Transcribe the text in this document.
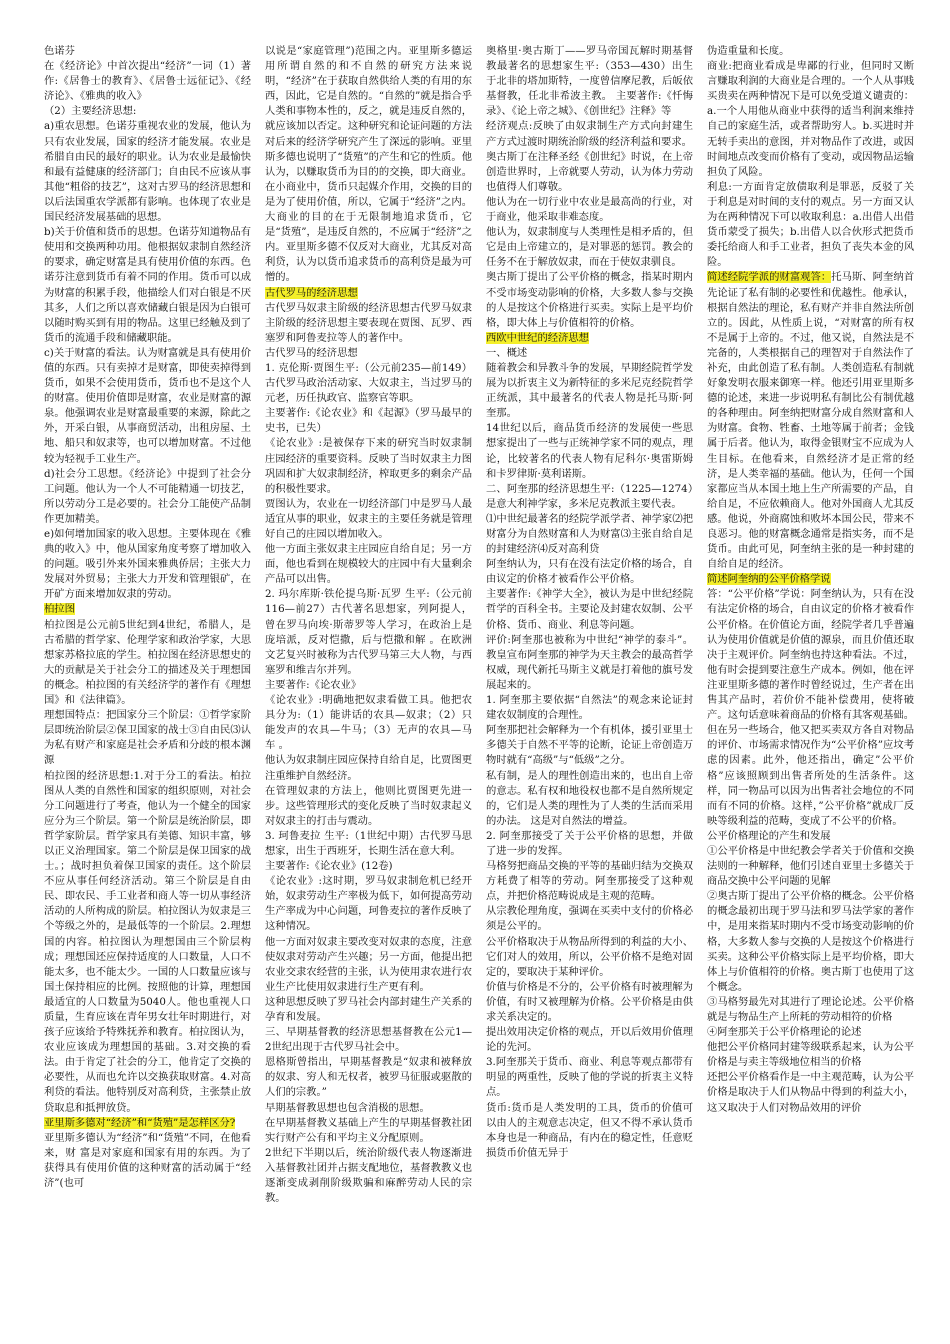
色诺芬

在《经济论》中首次提出“经济”一词（1）著作:《居鲁士的教育》、《居鲁士远征记》、《经济论》、《雅典的收入》

（2）主要经济思想:

a)重农思想。色诺芬重视农业的发展，他认为只有农业发展，国家的经济才能发展。农业是希腊自由民的最好的职业。认为农业是最愉快和最有益健康的经济部门；自由民不应该从事其他“粗俗的技艺”，这对古罗马的经济思想和以后法国重农学派都有影响。也体现了农业是国民经济发展基础的思想。

b)关于价值和货币的思想。色诺芬知道物品有使用和交换两种功用。他根据奴隶制自然经济的要求，确定财富是具有使用价值的东西。色诺芬注意到货币有着不同的作用。货币可以成为财富的积累手段，他描绘人们对白银是不厌其多，人们之所以喜欢储藏白银是因为白银可以随时购买到有用的物品。这里已经触及到了货币的流通手段和储藏职能。

c)关于财富的看法。认为财富就是具有使用价值的东西。只有卖掉才是财富，即使卖掉得到货币，如果不会使用货币，货币也不是这个人的财富。使用价值即是财富，农业是财富的源泉。他强调农业是财富最重要的来源，除此之外，开采白银，从事商贸活动，出租房屋、土地、船只和奴隶等，也可以增加财富。不过他较为轻视手工业生产。

d)社会分工思想。《经济论》中提到了社会分工问题。他认为一个人不可能精通一切技艺，所以劳动分工是必要的。社会分工能使产品制作更加精美。

e)如何增加国家的收入思想。主要体现在《雅典的收入》中，他从国家角度考察了增加收入的问题。吸引外来外国来雅典侨居；主张大力发展对外贸易；主张大力开发和管理银矿，在开矿方面来增加奴隶的劳动。

柏拉图

柏拉图是公元前5世纪到4世纪，希腊人，是古希腊的哲学家、伦理学家和政治学家，大思想家苏格拉底的学生。柏拉图在经济思想史的大的贡献是关于社会分工的描述及关于理想国的概念。柏拉图的有关经济学的著作有《理想国》和《法律篇》。

理想国特点：把国家分三个阶层：①哲学家阶层即统治阶层②保卫国家的战士③自由民⑶认为私有财产和家庭是社会矛盾和分歧的根本渊源

柏拉图的经济思想:1.对于分工的看法。柏拉图从人类的自然性和国家的组织原则，对社会分工问题进行了考查，他认为一个健全的国家应分为三个阶层。第一个阶层是统治阶层，即哲学家阶层。哲学家具有美德、知识丰富，够以正义治理国家。第二个阶层是保卫国家的战士。；战时担负着保卫国家的责任。这个阶层不应从事任何经济活动。第三个阶层是自由民、即农民、手工业者和商人等一切从事经济活动的人所构成的阶层。柏拉图认为奴隶是三个等级之外的，是最低等的一个阶层。2.理想国的内容。柏拉图认为理想国由三个阶层构成；理想国还应保持适度的人口数量，人口不能太多，也不能太少。一国的人口数量应该与国土保持相应的比例。按照他的计算，理想国最适宜的人口数量为5040人。他也重视人口质量，生育应该在青年男女壮年时期进行，对孩子应该给予特殊抚养和教育。柏拉图认为，农业应该成为理想国的基础。3.对交换的看法。由于肯定了社会的分工，他肯定了交换的必要性，从而也允许以交换获取财富。4.对高利贷的看法。他特别反对高利贷，主张禁止放贷取息和抵押放贷。

亚里斯多德对“经济”和“货殖”是怎样区分?

亚里斯多德认为“经济”和“货殖”不同，在他看来，财 富是对家庭和国家有用的东西。为了获得具有使用价值的这种财富的活动属于“经济”(也可

以说是“家庭管理”)范围之内。亚里斯多德运用所谓自然的和不自然的研究方法来说明，“经济”在于获取自然供给人类的有用的东西，因此，它是自然的。“自然的”就是指合乎人类和事物本性的，反之，就是违反自然的，就应该加以否定。这种研究和论证问题的方法对后来的经济学研究产生了深远的影响。亚里斯多德也说明了“货殖”的产生和它的性质。他认为，以赚取货币为目的的交换，即大商业。在小商业中，货币只起媒介作用，交换的目的是为了使用价值，所以，它属于“经济”之内。大商业的目的在于无限制地追求货币，它是“货殖”，是违反自然的，不应属于“经济”之内。亚里斯多德不仅反对大商业，尤其反对高利贷，认为以货币追求货币的高利贷是最为可憎的。

古代罗马的经济思想

古代罗马奴隶主阶级的经济思想古代罗马奴隶主阶级的经济思想主要表现在贾图、瓦罗、西塞罗和阿鲁麦拉等人的著作中。

古代罗马的经济思想

1. 克伦斯·贾图生平:（公元前235—前149）古代罗马政治活动家、大奴隶主，当过罗马的元老，历任执政官、监察官等职。

主要著作:《论农业》和《起源》（罗马最早的史书，已失）

《论农业》:是被保存下来的研究当时奴隶制庄园经济的重要资料。反映了当时奴隶主力图巩固和扩大奴隶制经济，榨取更多的剩余产品的积极性要求。

贾图认为，农业在一切经济部门中是罗马人最适宜从事的职业，奴隶主的主要任务就是管理好自己的庄园以增加收入。

他一方面主张奴隶主庄园应自给自足；另一方面，他也看到在规模较大的庄园中有大量剩余产品可以出售。

2. 玛尔库斯·铁伦提乌斯·瓦罗 生平:（公元前116—前27）古代著名思想家，列阿提人，曾在罗马向埃·斯蒂罗等人学习，在政治上是庞培派，反对恺撒，后与恺撒和解 。在欧洲文艺复兴时被称为古代罗马第三大人物，与西塞罗和维吉尔并列。

主要著作:《论农业》

《论农业》:明确地把奴隶看做工具。他把农具分为:（1）能讲话的农具—奴隶；（2）只能发声的农具—牛马；（3）无声的农具—马车 。

他认为奴隶制庄园应保持自给自足，比贾图更注重维护自然经济。

在管理奴隶的方法上，他则比贾图更先进一步。这些管理形式的变化反映了当时奴隶起义对奴隶主的打击与震动。

3. 珂鲁麦拉 生平:（1世纪中期）古代罗马思想家，出生于西班牙，长期生活在意大利。

主要著作:《论农业》(12卷)

《论农业》:这时期，罗马奴隶制危机已经开始，奴隶劳动生产率极为低下，如何提高劳动生产率成为中心问题，珂鲁麦拉的著作反映了这种情况。

他一方面对奴隶主要改变对奴隶的态度，注意使奴隶对劳动产生兴趣；另一方面，他提出把农业交隶农经营的主张，认为使用隶农进行农业生产比使用奴隶进行生产更有利。

这种思想反映了罗马社会内部封建生产关系的孕育和发展。

三、早期基督教的经济思想基督教在公元1—2世纪出现于古代罗马社会中。

恩格斯曾指出，早期基督教是“奴隶和被释放的奴隶、穷人和无权者，被罗马征服或驱散的人们的宗教。”

早期基督教思想也包含消极的思想。

在早期基督教义基础上产生的早期基督教社团实行财产公有和平均主义分配原则。

2世纪下半期以后，统治阶级代表人物逐渐进入基督教社团并占据支配地位，基督教教义也逐渐变成剥削阶级欺骗和麻醉劳动人民的宗教。

奥格里·奥古斯丁——罗马帝国瓦解时期基督教最著名的思想家生平:（353—430）出生于北非的塔加斯特，一度曾信摩尼教，后皈依基督教，任北非希波主教。 主要著作:《忏悔录》、《论上帝之城》、《创世纪》注释》等

经济观点:反映了由奴隶制生产方式向封建生产方式过渡时期统治阶级的经济利益和要求。

奥古斯丁在注释圣经《创世纪》时说，在上帝创造世界时，上帝就要人劳动，认为体力劳动也值得人们尊敬。

他认为在一切行业中农业是最高尚的行业，对于商业，他采取非难态度。

他认为，奴隶制度与人类理性是相矛盾的，但它是由上帝建立的，是对罪恶的惩罚。教会的任务不在于解放奴隶，而在于使奴隶驯良。

奥古斯丁提出了公平价格的概念，指某时期内不受市场变动影响的价格，大多数人参与交换的人是按这个价格进行买卖。实际上是平均价格，即大体上与价值相符的价格。

西欧中世纪的经济思想

一、概述

随着教会和异教斗争的发展，早期经院哲学发展为以折衷主义为新特征的多米尼克经院哲学正统派，其中最著名的代表人物是托马斯·阿奎那。

14世纪以后，商品货币经济的发展使一些思想家提出了一些与正统神学家不同的观点，理论，比较著名的代表人物有尼科尔·奥雷斯姆和卡罗律斯·莫利诺斯。

二、阿奎那的经济思想生平:（1225—1274）是意大利神学家，多米尼克教派主要代表。

⑴中世纪最著名的经院学派学者、神学家⑵把财富分为自然财富和人为财富⑶主张自给自足的封建经济⑷反对高利贷

阿奎纳认为，只有在没有法定价格的场合，自由议定的价格才被看作公平价格。

主要著作:《神学大全》，被认为是中世纪经院哲学的百科全书。主要论及封建农奴制、公平价格、货币、商业、利息等问题。

评价:阿奎那也被称为中世纪“神学的泰斗”。教皇宣布阿奎那的神学为天主教会的最高哲学权威，现代新托马斯主义就是打着他的旗号发展起来的。

1. 阿奎那主要依据“自然法”的观念来论证封建农奴制度的合理性。

阿奎那把社会解释为一个有机体，援引亚里士多德关于自然不平等的论断，论证上帝创造万物时就有“高级”与“低级”之分。

私有制，是人的理性创造出来的，也出自上帝的意志。私有权和地役权也都不是自然所规定的，它们是人类的理性为了人类的生活而采用的办法。 这是对自然法的增益。

2. 阿奎那接受了关于公平价格的思想，并做了进一步的发挥。

马格努把商品交换的平等的基础归结为交换双方耗费了相等的劳动。阿奎那接受了这种观点，并把价格范畴说成是主观的范畴。

从宗教伦理角度，强调在买卖中支付的价格必须是公平的。

公平价格取决于从物品所得到的利益的大小、它们对人的效用，所以，公平价格不是绝对固定的，要取决于某种评价。

价值与价格是不分的，公平价格有时被理解为价值，有时又被理解为价格。公平价格是由供求关系决定的。

提出效用决定价格的观点，开以后效用价值理论的先河。

3.阿奎那关于货币、商业、利息等观点都带有明显的两重性，反映了他的学说的折衷主义特点。

货币:货币是人类发明的工具，货币的价值可以由人的主观意志决定，但又不得不承认货币本身也是一种商品，有内在的稳定性，任意贬损货币价值无异于

伪造重量和长度。

商业:把商业看成是卑鄙的行业，但同时又断言赚取利润的大商业是合理的。一个人从事贱买贵卖在两种情况下是可以免受道义谴责的：a.一个人用他从商业中获得的适当利润来维持自己的家庭生活，或者帮助穷人。b.买进时并无转手卖出的意图，并对物品作了改进，或因时间地点改变而价格有了变动，或因物品运输担负了风险。

利息:一方面肯定放债取利是罪恶，反驳了关于利息是对时间的支付的观点。另一方面又认为在两种情况下可以收取利息：a.出借人出借货币蒙受了损失；b.出借人以合伙形式把货币委托给商人和手工业者，担负了丧失本金的风险。

简述经院学派的财富观答：托马斯、阿奎纳首先论证了私有制的必要性和优越性。他承认，根据自然法的理论，私有财产并非自然法所创立的。因此，从性质上说，“对财富的所有权不是属于上帝的。不过，他又说，自然法是不完备的，人类根据自己的理智对于自然法作了补充，由此创造了私有制。人类创造私有制就好象发明衣服来御寒一样。他还引用亚里斯多德的论述，来进一步说明私有制比公有制优越的各种理由。阿奎纳把财富分成自然财富和人为财富。食物、牲畜、土地等属于前者；金钱属于后者。他认为，取得金银财宝不应成为人生目标。在他看来，自然经济才是正常的经济，是人类幸福的基础。他认为，任何一个国家都应当从本国土地上生产所需要的产品，自给自足，不应依赖商人。他对外国商人尤其反感。他说，外商腐蚀和败坏本国公民，带来不良恶习。他的财富概念通常是指实务，而不是货币。由此可见，阿奎纳主张的是一种封建的自给自足的经济。

简述阿奎纳的公平价格学说

答：“公平价格”学说：阿奎纳认为，只有在没有法定价格的场合，自由议定的价格才被看作公平价格。在价值论方面，经院学者几乎普遍认为使用价值就是价值的源泉，而且价值还取决于主观评价。阿奎纳也持这种看法。不过，他有时会提到要注意生产成本。例如，他在评注亚里斯多德的著作时曾经说过，生产者在出售其产品时，若价价不能补偿费用，使将破产。这句话意味着商品的价格有其客观基础。但在另一些场合，他又把买卖双方各自对物品的评价、市场需求情况作为“公平价格”应坟考虑的因素。此外，他还指出，确定”公平价格”应该照顾到出售者所处的生活条件。这样，同一物品可以因为出售者社会地位的不同而有不同的价格。这样，”公平价格”就成厂反映等级利益的范畴，变成了不公平的价格。

公平价格理论的产生和发展

①公平价格是中世纪教会学者关于价值和交换法则的一种解释，他们引述自亚里士多德关于商品交换中公平问题的见解

②奥古斯丁提出了公平价格的概念。公平价格的概念最初出现于罗马法和罗马法学家的著作中，是用来指某时期内不受市场变动影响的价格，大多数人参与交换的人是按这个价格进行买卖。这种公平价格实际上是平均价格，即大体上与价值相符的价格。奥古斯丁也使用了这个概念。

③马格努最先对其进行了理论论述。公平价格就是与物品生产上所耗的劳动相符的价格

④阿奎那关于公平价格理论的论述

他把公平价格同封建等级联系起来，认为公平价格是与卖主等级地位相当的价格

还把公平价格看作是一中主观范畴，认为公平价格是取决于人们从物品中得到的利益大小，这又取决于人们对物品效用的评价
